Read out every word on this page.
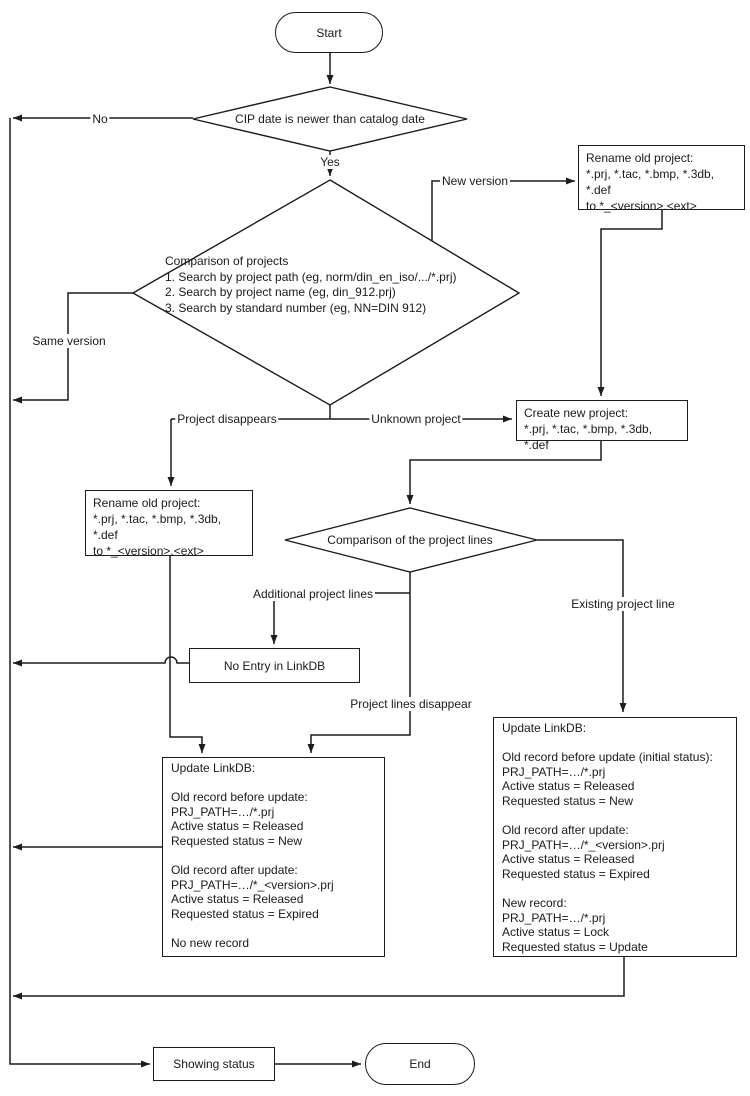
Start
End
CIP date is newer than catalog date
Comparison of projects
1. Search by project path (eg, norm/din_en_iso/.../*.prj)
2. Search by project name (eg, din_912.prj)
3. Search by standard number (eg, NN=DIN 912)
Comparison of the project lines
Rename old project:
*.prj, *.tac, *.bmp, *.3db, *.def
to *_<version>.<ext>
Create new project:
*.prj, *.tac, *.bmp, *.3db, *.def
Rename old project:
*.prj, *.tac, *.bmp, *.3db, *.def
to *_<version>.<ext>
No Entry in LinkDB
Update LinkDB:

Old record before update:
PRJ_PATH=…/*.prj
Active status = Released
Requested status = New

Old record after update:
PRJ_PATH=…/*_<version>.prj
Active status = Released
Requested status = Expired

No new record
Update LinkDB:

Old record before update (initial status):
PRJ_PATH=…/*.prj
Active status = Released
Requested status = New

Old record after update:
PRJ_PATH=…/*_<version>.prj
Active status = Released
Requested status = Expired

New record:
PRJ_PATH=…/*.prj
Active status = Lock
Requested status = Update
Showing status
No
Yes
New version
Same version
Project disappears	Unknown project
Additional project lines
Project lines disappear
Existing project line
